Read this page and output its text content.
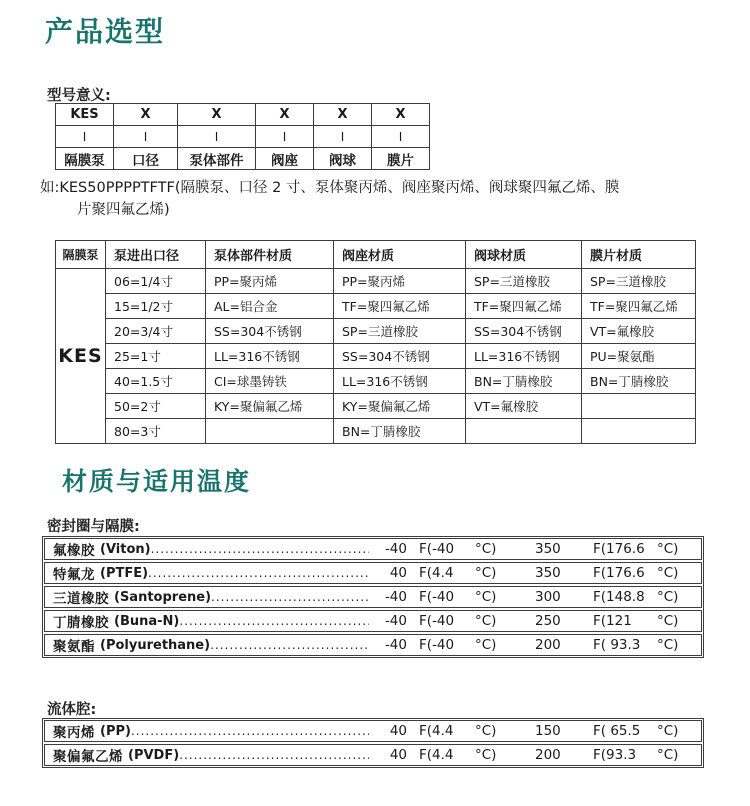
产品选型
型号意义:
KES	X	X	X	X	X
I	I	I	I	I	I
隔膜泵	口径	泵体部件	阀座	阀球	膜片
如:KES50PPPPTFTF(隔膜泵、口径 2 寸、泵体聚丙烯、阀座聚丙烯、阀球聚四氟乙烯、膜
片聚四氟乙烯)
隔膜泵	泵进出口径	泵体部件材质	阀座材质	阀球材质	膜片材质
KES	06=1/4寸	PP=聚丙烯	PP=聚丙烯	SP=三道橡胶	SP=三道橡胶
	15=1/2寸	AL=铝合金	TF=聚四氟乙烯	TF=聚四氟乙烯	TF=聚四氟乙烯
	20=3/4寸	SS=304不锈钢	SP=三道橡胶	SS=304不锈钢	VT=氟橡胶
	25=1寸	LL=316不锈钢	SS=304不锈钢	LL=316不锈钢	PU=聚氨酯
	40=1.5寸	CI=球墨铸铁	LL=316不锈钢	BN=丁腈橡胶	BN=丁腈橡胶
	50=2寸	KY=聚偏氟乙烯	KY=聚偏氟乙烯	VT=氟橡胶	
	80=3寸		BN=丁腈橡胶		
材质与适用温度
密封圈与隔膜:
氟橡胶 (Viton) .....	-40 F(-40	°C)	350	F(176.6 °C)
特氟龙 (PTFE) .....	40 F(4.4	°C)	350	F(176.6 °C)
三道橡胶 (Santoprene) .....	-40 F(-40	°C)	300	F(148.8 °C)
丁腈橡胶 (Buna-N) .....	-40 F(-40	°C)	250	F(121	°C)
聚氨酯 (Polyurethane) .....	-40 F(-40	°C)	200	F( 93.3	°C)
流体腔:
聚丙烯 (PP) .....	40 F(4.4	°C)	150	F( 65.5	°C)
聚偏氟乙烯 (PVDF) .....	40 F(4.4	°C)	200	F(93.3	°C)
